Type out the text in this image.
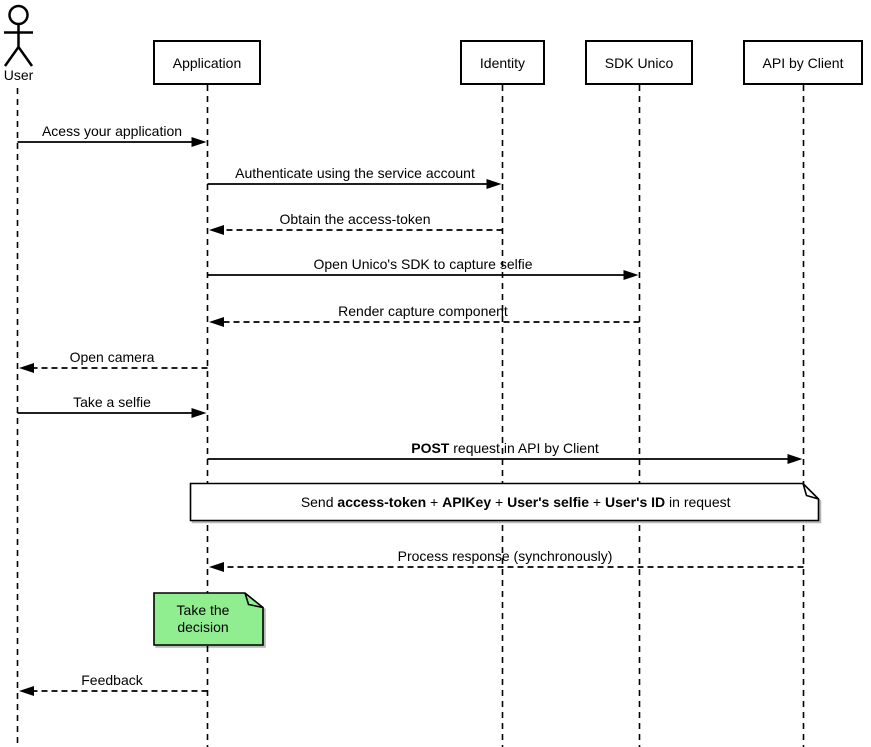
User
Application	Identity	SDK Unico	API by Client
Acess your application
Authenticate using the service account
Obtain the access-token
Open Unico's SDK to capture selfie
Render capture component
Open camera
Take a selfie
POST request in API by Client
Process response (synchronously)
Feedback

Send access-token + APIKey + User's selfie + User's ID in request

Take the decision
